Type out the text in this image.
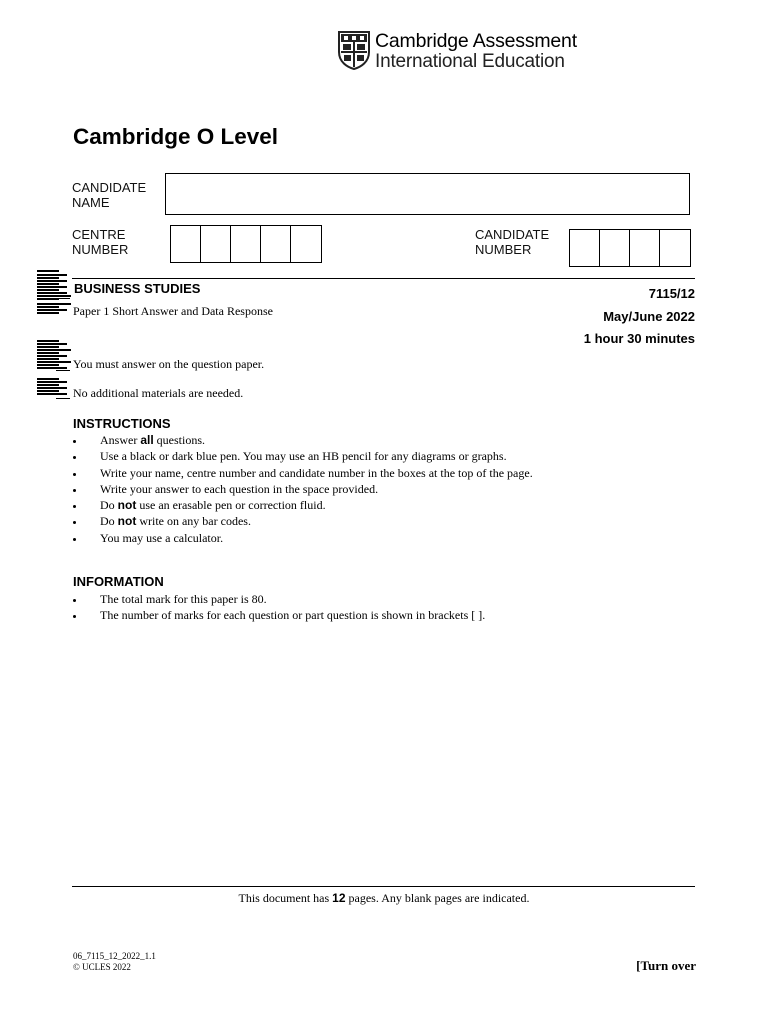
Cambridge Assessment
International Education
Cambridge O Level
CANDIDATE
NAME
CENTRE
NUMBER
CANDIDATE
NUMBER
BUSINESS STUDIES
Paper 1 Short Answer and Data Response
7115/12
May/June 2022
1 hour 30 minutes
You must answer on the question paper.
No additional materials are needed.
INSTRUCTIONS
Answer all questions.
Use a black or dark blue pen. You may use an HB pencil for any diagrams or graphs.
Write your name, centre number and candidate number in the boxes at the top of the page.
Write your answer to each question in the space provided.
Do not use an erasable pen or correction fluid.
Do not write on any bar codes.
You may use a calculator.
INFORMATION
The total mark for this paper is 80.
The number of marks for each question or part question is shown in brackets [ ].
This document has 12 pages. Any blank pages are indicated.
06_7115_12_2022_1.1
© UCLES 2022	[Turn over
